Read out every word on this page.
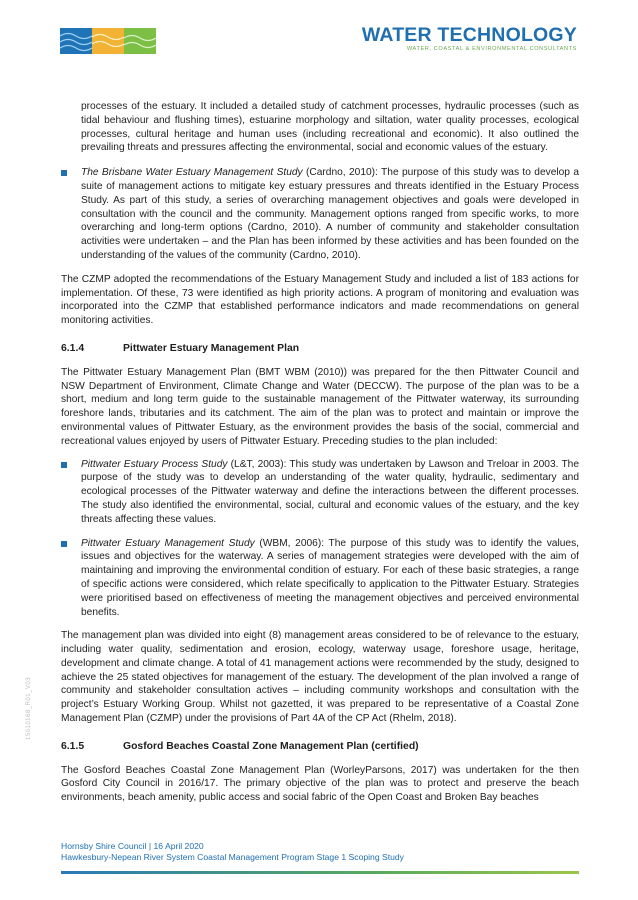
WATER TECHNOLOGY
WATER, COASTAL & ENVIRONMENTAL CONSULTANTS

processes of the estuary. It included a detailed study of catchment processes, hydraulic processes (such as tidal behaviour and flushing times), estuarine morphology and siltation, water quality processes, ecological processes, cultural heritage and human uses (including recreational and economic). It also outlined the prevailing threats and pressures affecting the environmental, social and economic values of the estuary.

The Brisbane Water Estuary Management Study (Cardno, 2010): The purpose of this study was to develop a suite of management actions to mitigate key estuary pressures and threats identified in the Estuary Process Study. As part of this study, a series of overarching management objectives and goals were developed in consultation with the council and the community. Management options ranged from specific works, to more overarching and long-term options (Cardno, 2010). A number of community and stakeholder consultation activities were undertaken – and the Plan has been informed by these activities and has been founded on the understanding of the values of the community (Cardno, 2010).

The CZMP adopted the recommendations of the Estuary Management Study and included a list of 183 actions for implementation. Of these, 73 were identified as high priority actions. A program of monitoring and evaluation was incorporated into the CZMP that established performance indicators and made recommendations on general monitoring activities.

6.1.4	Pittwater Estuary Management Plan

The Pittwater Estuary Management Plan (BMT WBM (2010)) was prepared for the then Pittwater Council and NSW Department of Environment, Climate Change and Water (DECCW). The purpose of the plan was to be a short, medium and long term guide to the sustainable management of the Pittwater waterway, its surrounding foreshore lands, tributaries and its catchment. The aim of the plan was to protect and maintain or improve the environmental values of Pittwater Estuary, as the environment provides the basis of the social, commercial and recreational values enjoyed by users of Pittwater Estuary. Preceding studies to the plan included:

Pittwater Estuary Process Study (L&T, 2003): This study was undertaken by Lawson and Treloar in 2003. The purpose of the study was to develop an understanding of the water quality, hydraulic, sedimentary and ecological processes of the Pittwater waterway and define the interactions between the different processes. The study also identified the environmental, social, cultural and economic values of the estuary, and the key threats affecting these values.
Pittwater Estuary Management Study (WBM, 2006): The purpose of this study was to identify the values, issues and objectives for the waterway. A series of management strategies were developed with the aim of maintaining and improving the environmental condition of estuary. For each of these basic strategies, a range of specific actions were considered, which relate specifically to application to the Pittwater Estuary. Strategies were prioritised based on effectiveness of meeting the management objectives and perceived environmental benefits.

The management plan was divided into eight (8) management areas considered to be of relevance to the estuary, including water quality, sedimentation and erosion, ecology, waterway usage, foreshore usage, heritage, development and climate change. A total of 41 management actions were recommended by the study, designed to achieve the 25 stated objectives for management of the estuary. The development of the plan involved a range of community and stakeholder consultation actives – including community workshops and consultation with the project’s Estuary Working Group. Whilst not gazetted, it was prepared to be representative of a Coastal Zone Management Plan (CZMP) under the provisions of Part 4A of the CP Act (Rhelm, 2018).

6.1.5	Gosford Beaches Coastal Zone Management Plan (certified)

The Gosford Beaches Coastal Zone Management Plan (WorleyParsons, 2017) was undertaken for the then Gosford City Council in 2016/17. The primary objective of the plan was to protect and preserve the beach environments, beach amenity, public access and social fabric of the Open Coast and Broken Bay beaches

15010168_R01_V03
Hornsby Shire Council | 16 April 2020
Hawkesbury-Nepean River System Coastal Management Program Stage 1 Scoping Study
